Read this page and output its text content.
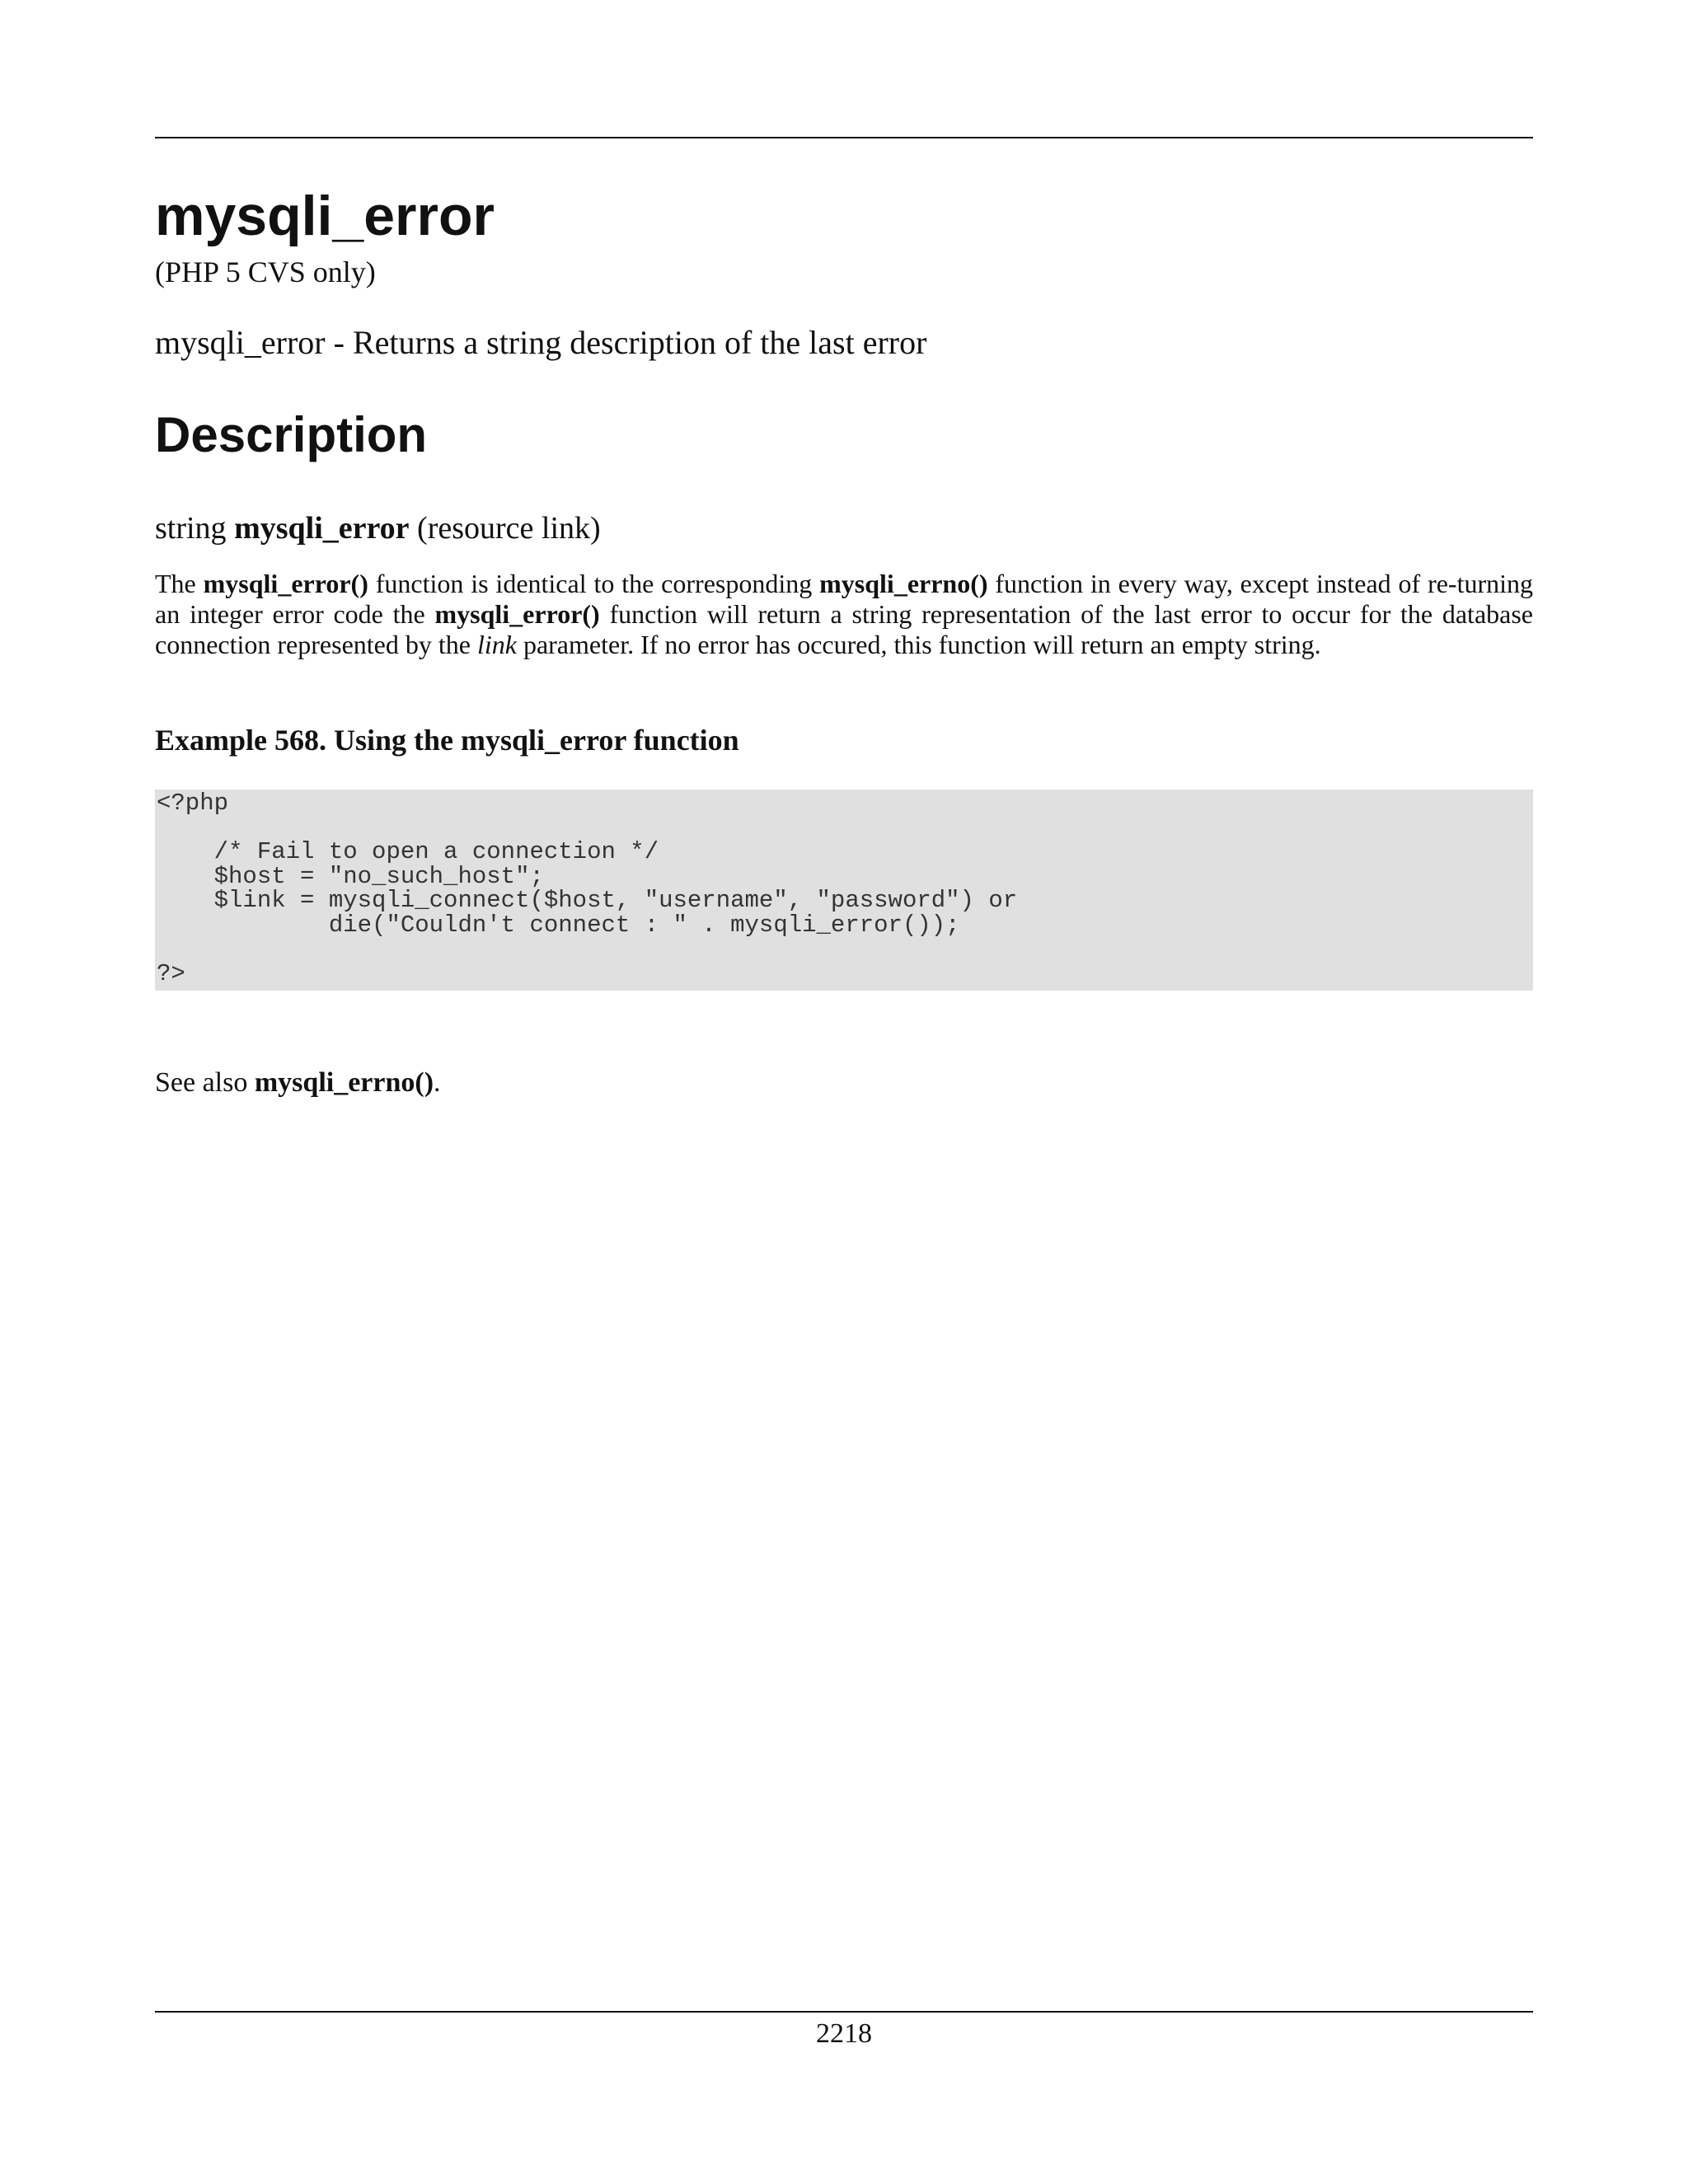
mysqli_error
(PHP 5 CVS only)
mysqli_error - Returns a string description of the last error
Description
string mysqli_error (resource link)
The mysqli_error() function is identical to the corresponding mysqli_errno() function in every way, except instead of re-turning an integer error code the mysqli_error() function will return a string representation of the last error to occur for the database connection represented by the link parameter. If no error has occured, this function will return an empty string.
Example 568. Using the mysqli_error function
<?php

/* Fail to open a connection */
$host = "no_such_host";
$link = mysqli_connect($host, "username", "password") or
die("Couldn't connect : " . mysqli_error());

?>
See also mysqli_errno().
2218
